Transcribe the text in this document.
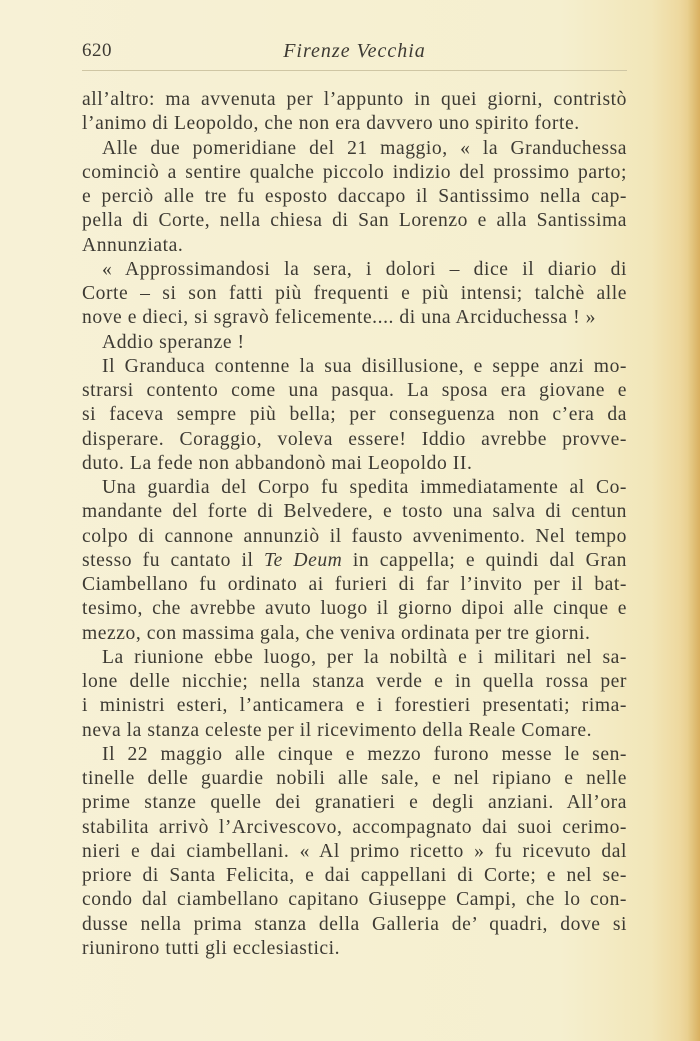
620	Firenze Vecchia
all’altro: ma avvenuta per l’appunto in quei giorni, contristò
l’animo di Leopoldo, che non era davvero uno spirito forte.
Alle due pomeridiane del 21 maggio, « la Granduchessa
cominciò a sentire qualche piccolo indizio del prossimo parto;
e perciò alle tre fu esposto daccapo il Santissimo nella cap-
pella di Corte, nella chiesa di San Lorenzo e alla Santissima
Annunziata.
« Approssimandosi la sera, i dolori – dice il diario di
Corte – si son fatti più frequenti e più intensi; talchè alle
nove e dieci, si sgravò felicemente.... di una Arciduchessa ! »
Addio speranze !
Il Granduca contenne la sua disillusione, e seppe anzi mo-
strarsi contento come una pasqua. La sposa era giovane e
si faceva sempre più bella; per conseguenza non c’era da
disperare. Coraggio, voleva essere! Iddio avrebbe provve-
duto. La fede non abbandonò mai Leopoldo II.
Una guardia del Corpo fu spedita immediatamente al Co-
mandante del forte di Belvedere, e tosto una salva di centun
colpo di cannone annunziò il fausto avvenimento. Nel tempo
stesso fu cantato il Te Deum in cappella; e quindi dal Gran
Ciambellano fu ordinato ai furieri di far l’invito per il bat-
tesimo, che avrebbe avuto luogo il giorno dipoi alle cinque e
mezzo, con massima gala, che veniva ordinata per tre giorni.
La riunione ebbe luogo, per la nobiltà e i militari nel sa-
lone delle nicchie; nella stanza verde e in quella rossa per
i ministri esteri, l’anticamera e i forestieri presentati; rima-
neva la stanza celeste per il ricevimento della Reale Comare.
Il 22 maggio alle cinque e mezzo furono messe le sen-
tinelle delle guardie nobili alle sale, e nel ripiano e nelle
prime stanze quelle dei granatieri e degli anziani. All’ora
stabilita arrivò l’Arcivescovo, accompagnato dai suoi cerimo-
nieri e dai ciambellani. « Al primo ricetto » fu ricevuto dal
priore di Santa Felicita, e dai cappellani di Corte; e nel se-
condo dal ciambellano capitano Giuseppe Campi, che lo con-
dusse nella prima stanza della Galleria de’ quadri, dove si
riunirono tutti gli ecclesiastici.
